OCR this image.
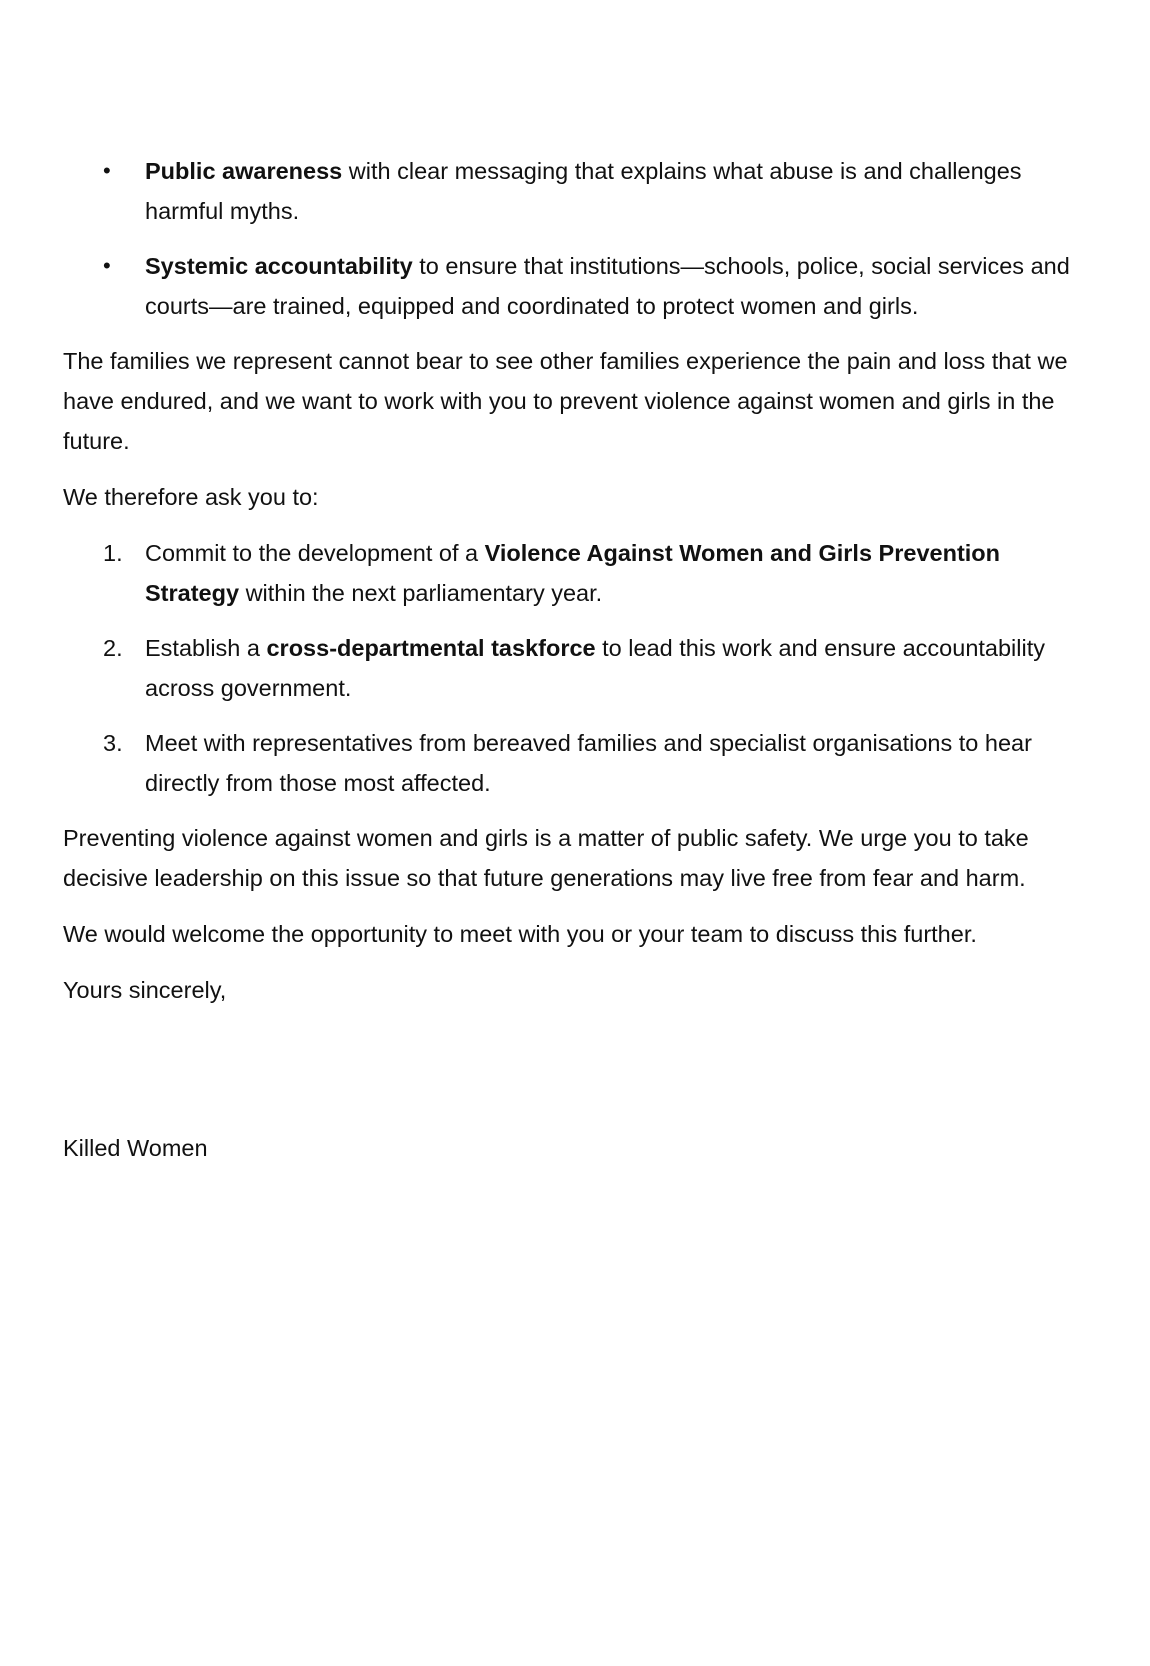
• Public awareness with clear messaging that explains what abuse is and challenges harmful myths.
• Systemic accountability to ensure that institutions—schools, police, social services and courts—are trained, equipped and coordinated to protect women and girls.

The families we represent cannot bear to see other families experience the pain and loss that we have endured, and we want to work with you to prevent violence against women and girls in the future.

We therefore ask you to:

1. Commit to the development of a Violence Against Women and Girls Prevention Strategy within the next parliamentary year.
2. Establish a cross-departmental taskforce to lead this work and ensure accountability across government.
3. Meet with representatives from bereaved families and specialist organisations to hear directly from those most affected.

Preventing violence against women and girls is a matter of public safety. We urge you to take decisive leadership on this issue so that future generations may live free from fear and harm.

We would welcome the opportunity to meet with you or your team to discuss this further.

Yours sincerely,

Killed Women
